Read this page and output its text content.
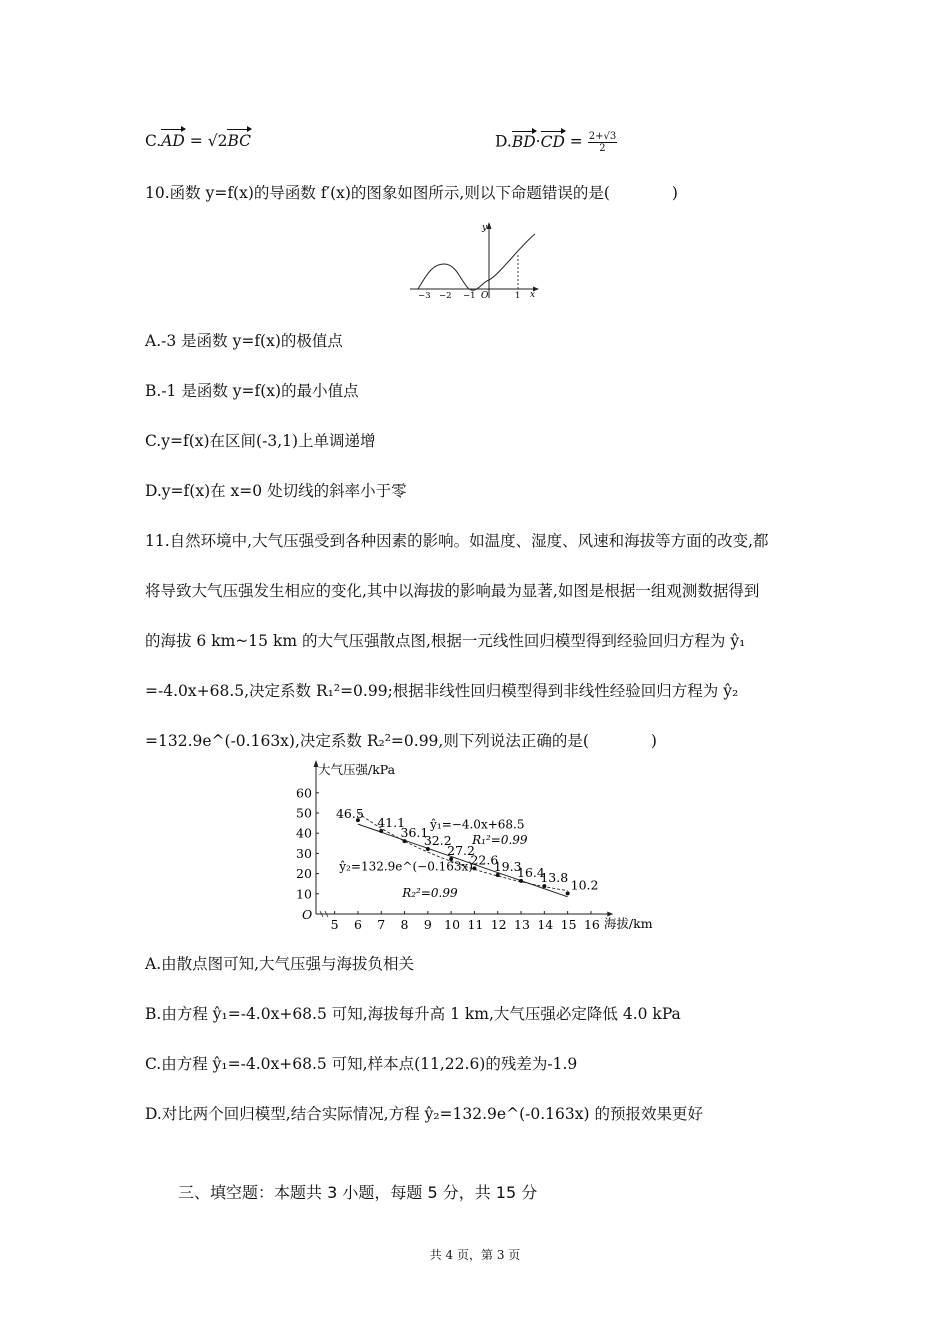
C.AD = √2BC	$D.BD\cdot CD = \frac{2+√3}{2}$
10.函数 y=f(x)的导函数 f′(x)的图象如图所示,则以下命题错误的是(　　　　)
y
x
O
−3 −2 −1	1
A.-3 是函数 y=f(x)的极值点
B.-1 是函数 y=f(x)的最小值点
C.y=f(x)在区间(-3,1)上单调递增
D.y=f(x)在 x=0 处切线的斜率小于零
11.自然环境中,大气压强受到各种因素的影响。如温度、湿度、风速和海拔等方面的改变,都
将导致大气压强发生相应的变化,其中以海拔的影响最为显著,如图是根据一组观测数据得到
的海拔 6 km~15 km 的大气压强散点图,根据一元线性回归模型得到经验回归方程为 ŷ₁
=-4.0x+68.5,决定系数 R₁²=0.99;根据非线性回归模型得到非线性经验回归方程为 ŷ₂
=132.9e^(-0.163x),决定系数 R₂²=0.99,则下列说法正确的是(　　　　)
大气压强/kPa
海拔/km
O
10
20
30
40
50
60
5 6 7 8 9 10 11 12 13 14 15 16
46.5
41.1
36.1
32.2
27.2
22.6
19.3
16.4
13.8 10.2
ŷ₁=−4.0x+68.5
R₁²=0.99
ŷ₂=132.9e^(−0.163x)
R₂²=0.99
A.由散点图可知,大气压强与海拔负相关
B.由方程 ŷ₁=-4.0x+68.5 可知,海拔每升高 1 km,大气压强必定降低 4.0 kPa
C.由方程 ŷ₁=-4.0x+68.5 可知,样本点(11,22.6)的残差为-1.9
D.对比两个回归模型,结合实际情况,方程 ŷ₂=132.9e^(-0.163x) 的预报效果更好
三、填空题：本题共 3 小题，每题 5 分，共 15 分
共 4 页，第 3 页
